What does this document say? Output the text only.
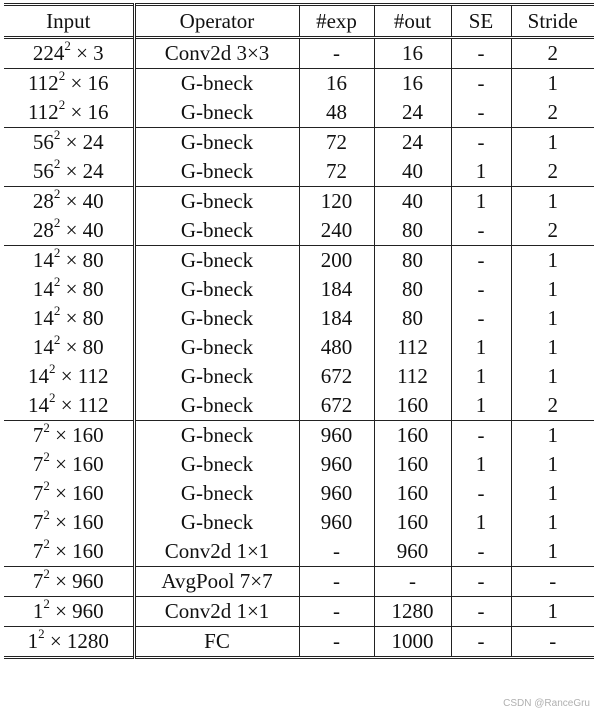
Input	Operator	#exp	#out	SE	Stride
$224^2 \times 3$	Conv2d 3×3	-	16	-	2
$112^2 \times 16$	G-bneck	16	16	-	1
$112^2 \times 16$	G-bneck	48	24	-	2
$56^2 \times 24$	G-bneck	72	24	-	1
$56^2 \times 24$	G-bneck	72	40	1	2
$28^2 \times 40$	G-bneck	120	40	1	1
$28^2 \times 40$	G-bneck	240	80	-	2
$14^2 \times 80$	G-bneck	200	80	-	1
$14^2 \times 80$	G-bneck	184	80	-	1
$14^2 \times 80$	G-bneck	184	80	-	1
$14^2 \times 80$	G-bneck	480	112	1	1
$14^2 \times 112$	G-bneck	672	112	1	1
$14^2 \times 112$	G-bneck	672	160	1	2
$7^2 \times 160$	G-bneck	960	160	-	1
$7^2 \times 160$	G-bneck	960	160	1	1
$7^2 \times 160$	G-bneck	960	160	-	1
$7^2 \times 160$	G-bneck	960	160	1	1
$7^2 \times 160$	Conv2d 1×1	-	960	-	1
$7^2 \times 960$	AvgPool 7×7	-	-	-	-
$1^2 \times 960$	Conv2d 1×1	-	1280	-	1
$1^2 \times 1280$	FC	-	1000	-	-
CSDN @RanceGru
